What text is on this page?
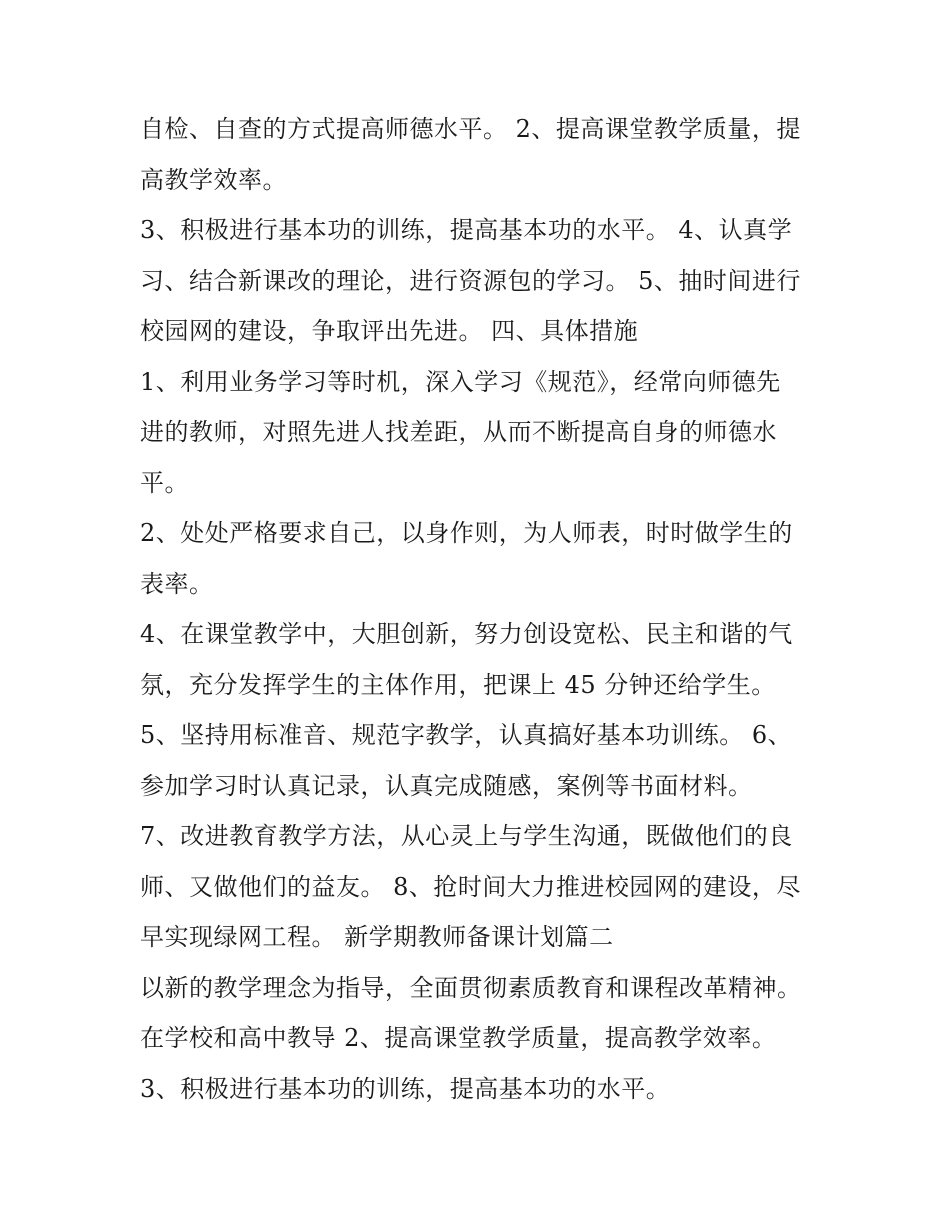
自检、自查的方式提高师德水平。 2、提高课堂教学质量，提
高教学效率。
3、积极进行基本功的训练，提高基本功的水平。 4、认真学
习、结合新课改的理论，进行资源包的学习。 5、抽时间进行
校园网的建设，争取评出先进。 四、具体措施
1、利用业务学习等时机，深入学习《规范》，经常向师德先
进的教师，对照先进人找差距，从而不断提高自身的师德水
平。
2、处处严格要求自己，以身作则，为人师表，时时做学生的
表率。
4、在课堂教学中，大胆创新，努力创设宽松、民主和谐的气
氛，充分发挥学生的主体作用，把课上 45 分钟还给学生。
5、坚持用标准音、规范字教学，认真搞好基本功训练。 6、
参加学习时认真记录，认真完成随感，案例等书面材料。
7、改进教育教学方法，从心灵上与学生沟通，既做他们的良
师、又做他们的益友。 8、抢时间大力推进校园网的建设，尽
早实现绿网工程。 新学期教师备课计划篇二
以新的教学理念为指导，全面贯彻素质教育和课程改革精神。
在学校和高中教导 2、提高课堂教学质量，提高教学效率。
3、积极进行基本功的训练，提高基本功的水平。
